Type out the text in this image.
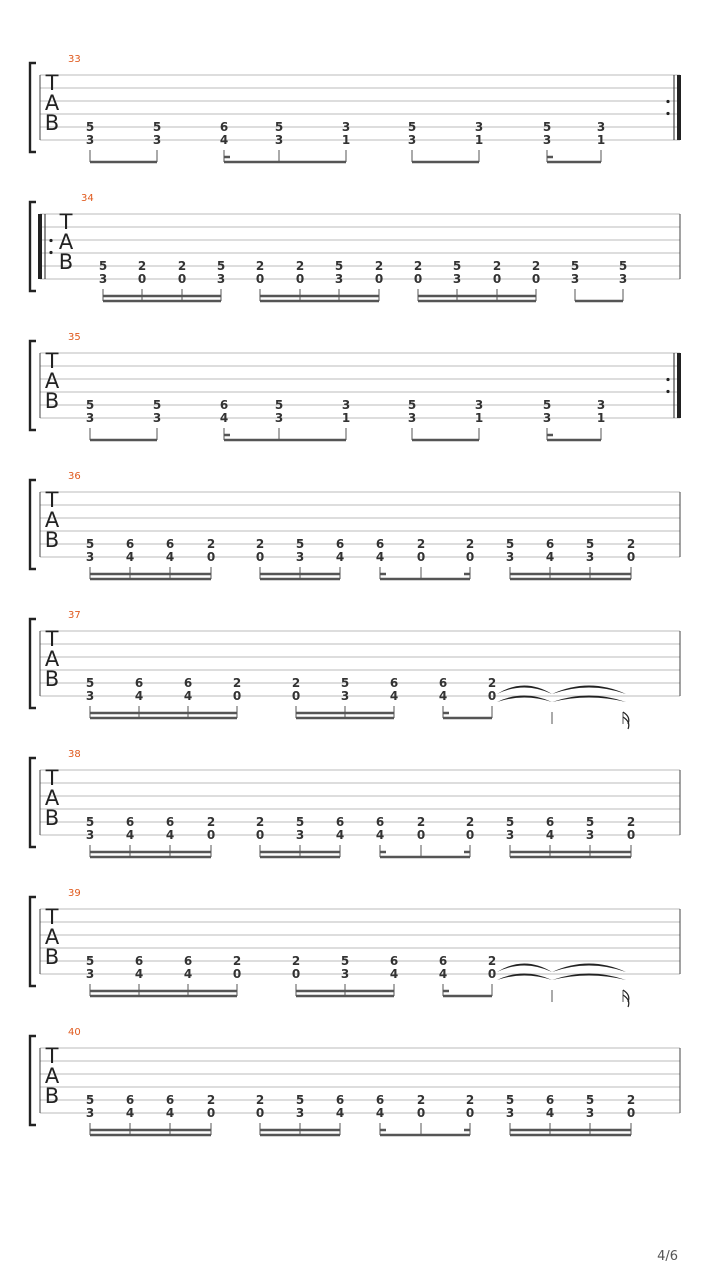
33
T
A
B 5
3
5
3
6
4
5
3
3
1
5
3
3
1
5
3
3
1
34
T
A
B 5
3
2
0
2
0
5
3
2
0
2
0
5
3
2
0
2
0
5
3
2
0
2
0
5
3
5
3
35
T
A
B 5
3
5
3
6
4
5
3
3
1
5
3
3
1
5
3
3
1
36
T
A
B 5
3
6
4
6
4
2
0
2
0
5
3
6
4
6
4
2
0
2
0
5
3
6
4
5
3
2
0
37
T
A
B 5
3
6
4
6
4
2
0
2
0
5
3
6
4
6
4
2
0
38
T
A
B 5
3
6
4
6
4
2
0
2
0
5
3
6
4
6
4
2
0
2
0
5
3
6
4
5
3
2
0
39
T
A
B 5
3
6
4
6
4
2
0
2
0
5
3
6
4
6
4
2
0
40
T
A
B 5
3
6
4
6
4
2
0
2
0
5
3
6
4
6
4
2
0
2
0
5
3
6
4
5
3
2
0
4/6
